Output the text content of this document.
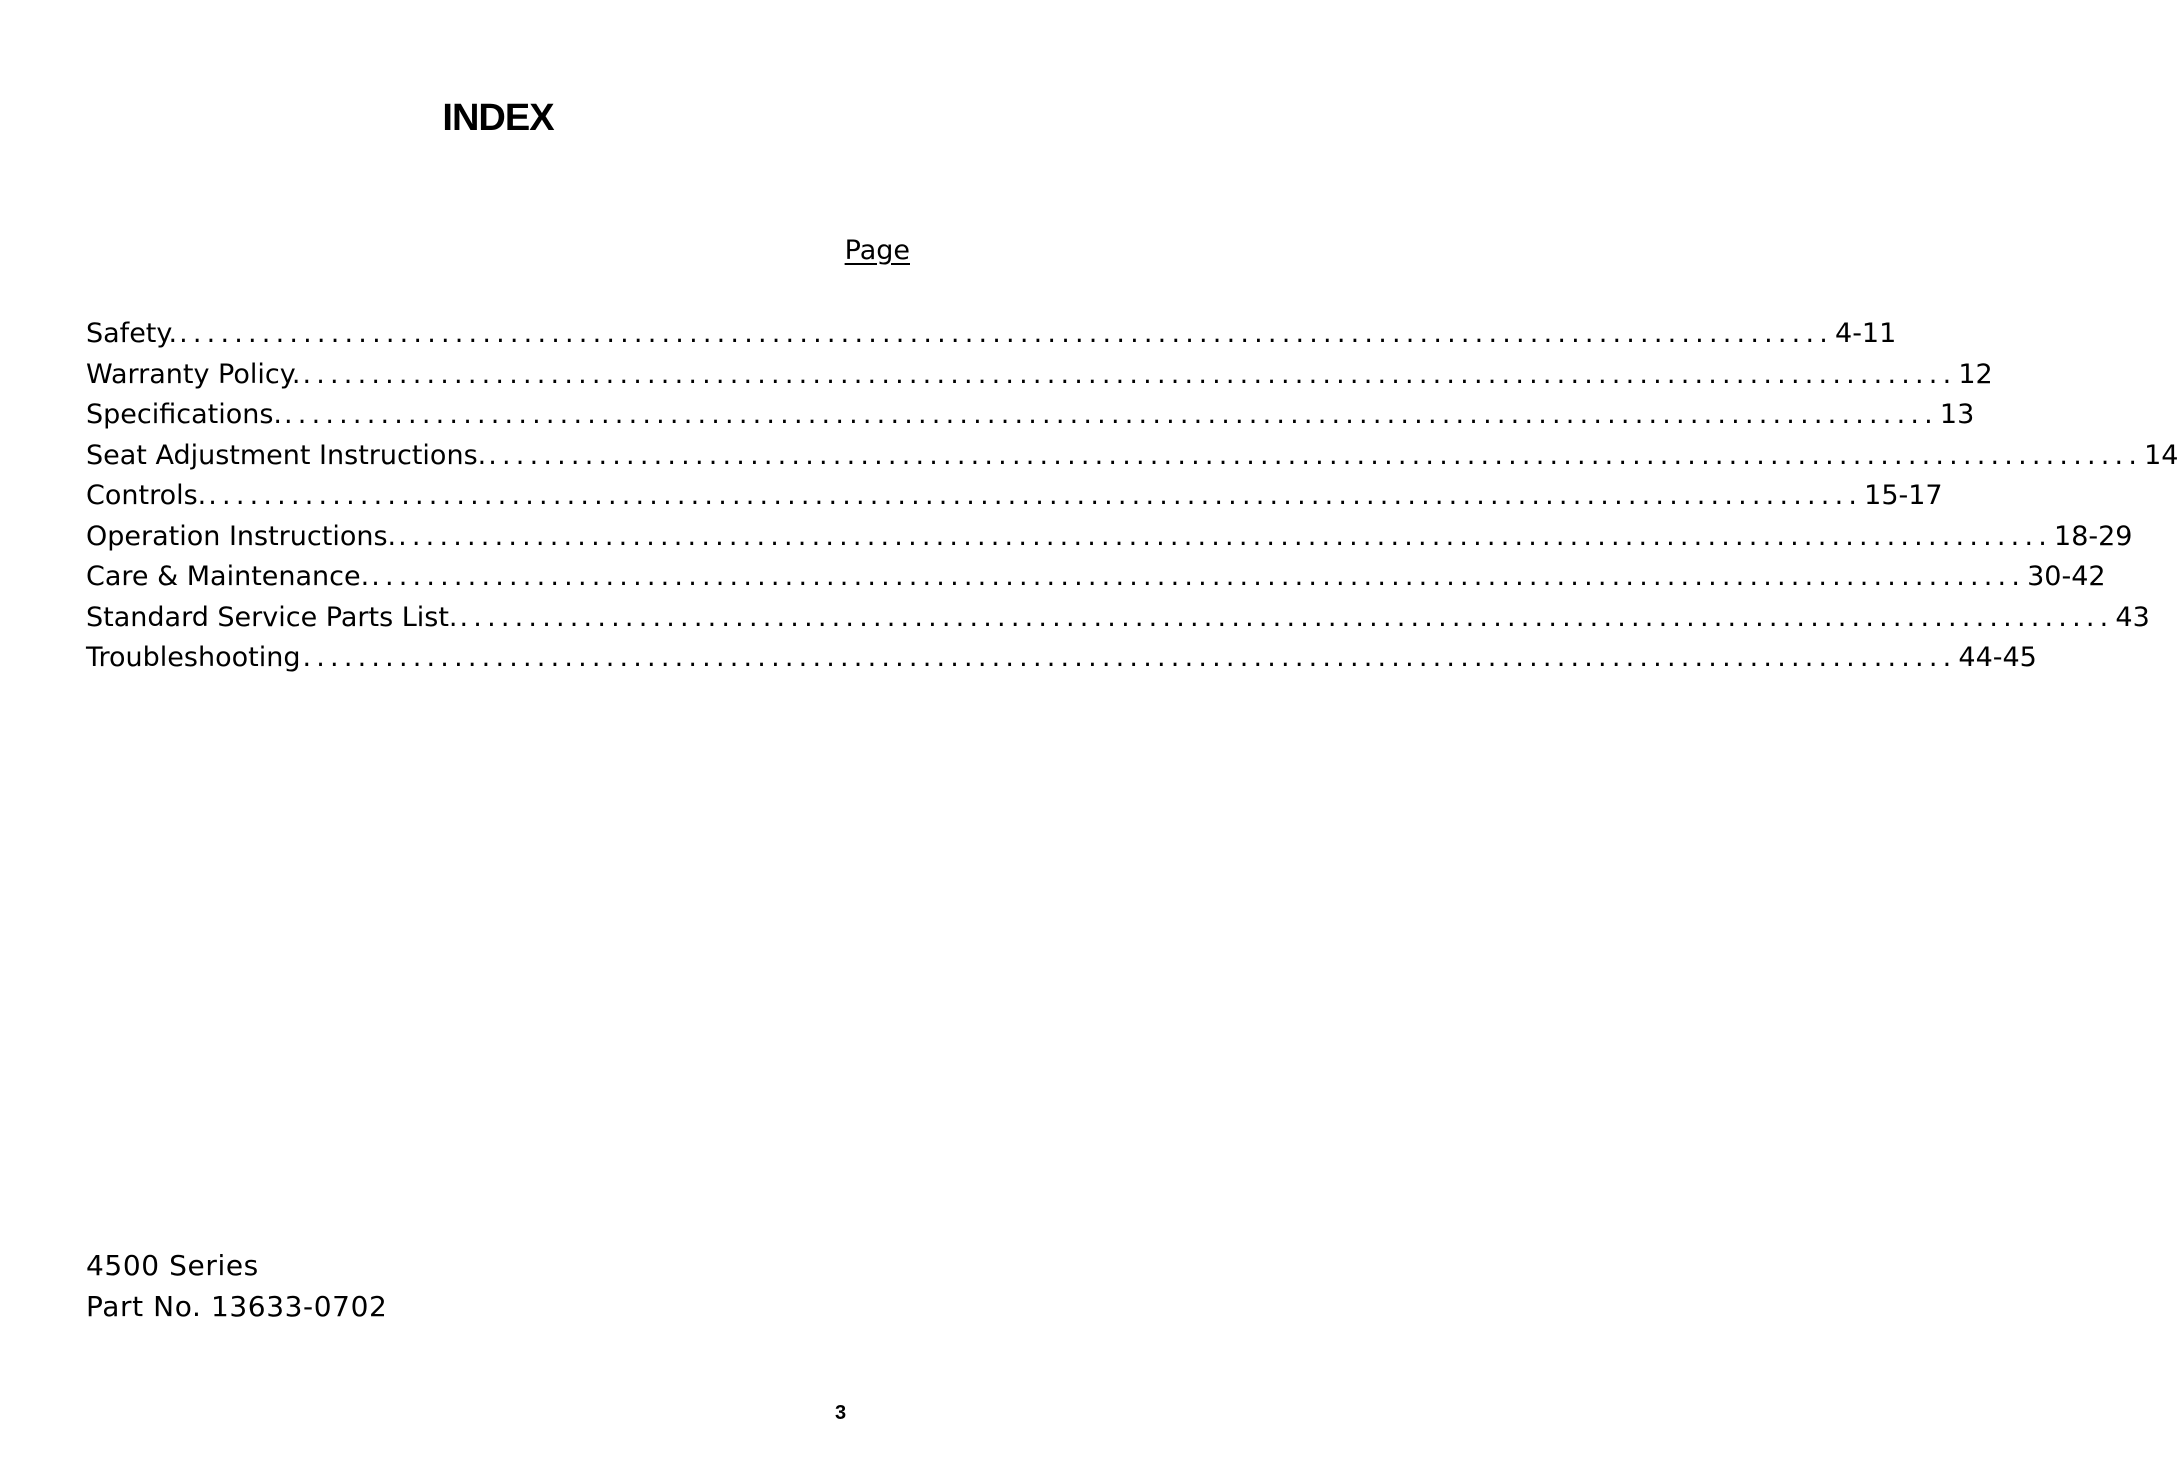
INDEX
Page
Safety. ........................................................................................................................ 4-11
Warranty Policy. ........................................................................................................................ 12
Specifications. ........................................................................................................................ 13
Seat Adjustment Instructions. ........................................................................................................................ 14
Controls. ........................................................................................................................ 15-17
Operation Instructions. ........................................................................................................................ 18-29
Care & Maintenance. ........................................................................................................................ 30-42
Standard Service Parts List. ........................................................................................................................ 43
Troubleshooting ........................................................................................................................ 44-45
4500 Series
Part No. 13633-0702
3
